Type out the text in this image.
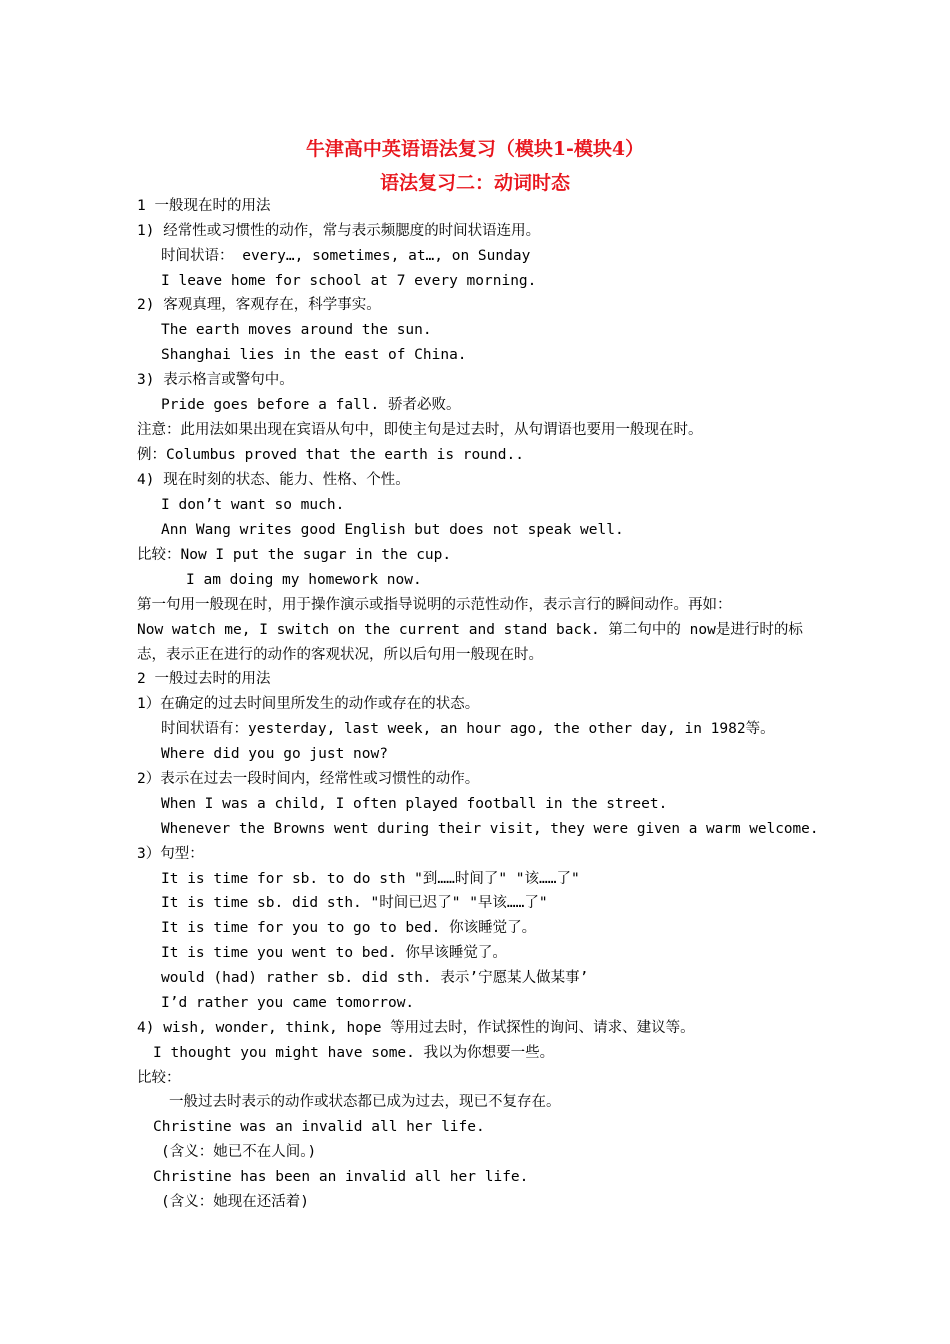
牛津高中英语语法复习（模块1-模块4）
语法复习二：动词时态
1 一般现在时的用法
1) 经常性或习惯性的动作，常与表示频腮度的时间状语连用。
时间状语： every…, sometimes, at…, on Sunday
I leave home for school at 7 every morning.
2) 客观真理，客观存在，科学事实。
The earth moves around the sun.
Shanghai lies in the east of China.
3) 表示格言或警句中。
Pride goes before a fall. 骄者必败。
注意：此用法如果出现在宾语从句中，即使主句是过去时，从句谓语也要用一般现在时。
例：Columbus proved that the earth is round..
4) 现在时刻的状态、能力、性格、个性。
I don’t want so much.
Ann Wang writes good English but does not speak well.
比较：Now I put the sugar in the cup.
I am doing my homework now.
第一句用一般现在时，用于操作演示或指导说明的示范性动作，表示言行的瞬间动作。再如：
Now watch me, I switch on the current and stand back. 第二句中的 now是进行时的标
志，表示正在进行的动作的客观状况，所以后句用一般现在时。
2 一般过去时的用法
1）在确定的过去时间里所发生的动作或存在的状态。
时间状语有：yesterday, last week, an hour ago, the other day, in 1982等。
Where did you go just now?
2）表示在过去一段时间内，经常性或习惯性的动作。
When I was a child, I often played football in the street.
Whenever the Browns went during their visit, they were given a warm welcome.
3）句型：
It is time for sb. to do sth "到……时间了" "该……了"
It is time sb. did sth. "时间已迟了" "早该……了"
It is time for you to go to bed. 你该睡觉了。
It is time you went to bed. 你早该睡觉了。
would (had) rather sb. did sth. 表示’宁愿某人做某事’
I’d rather you came tomorrow.
4) wish, wonder, think, hope 等用过去时，作试探性的询问、请求、建议等。
I thought you might have some. 我以为你想要一些。
比较：
一般过去时表示的动作或状态都已成为过去，现已不复存在。
Christine was an invalid all her life.
(含义：她已不在人间。)
Christine has been an invalid all her life.
(含义：她现在还活着)
